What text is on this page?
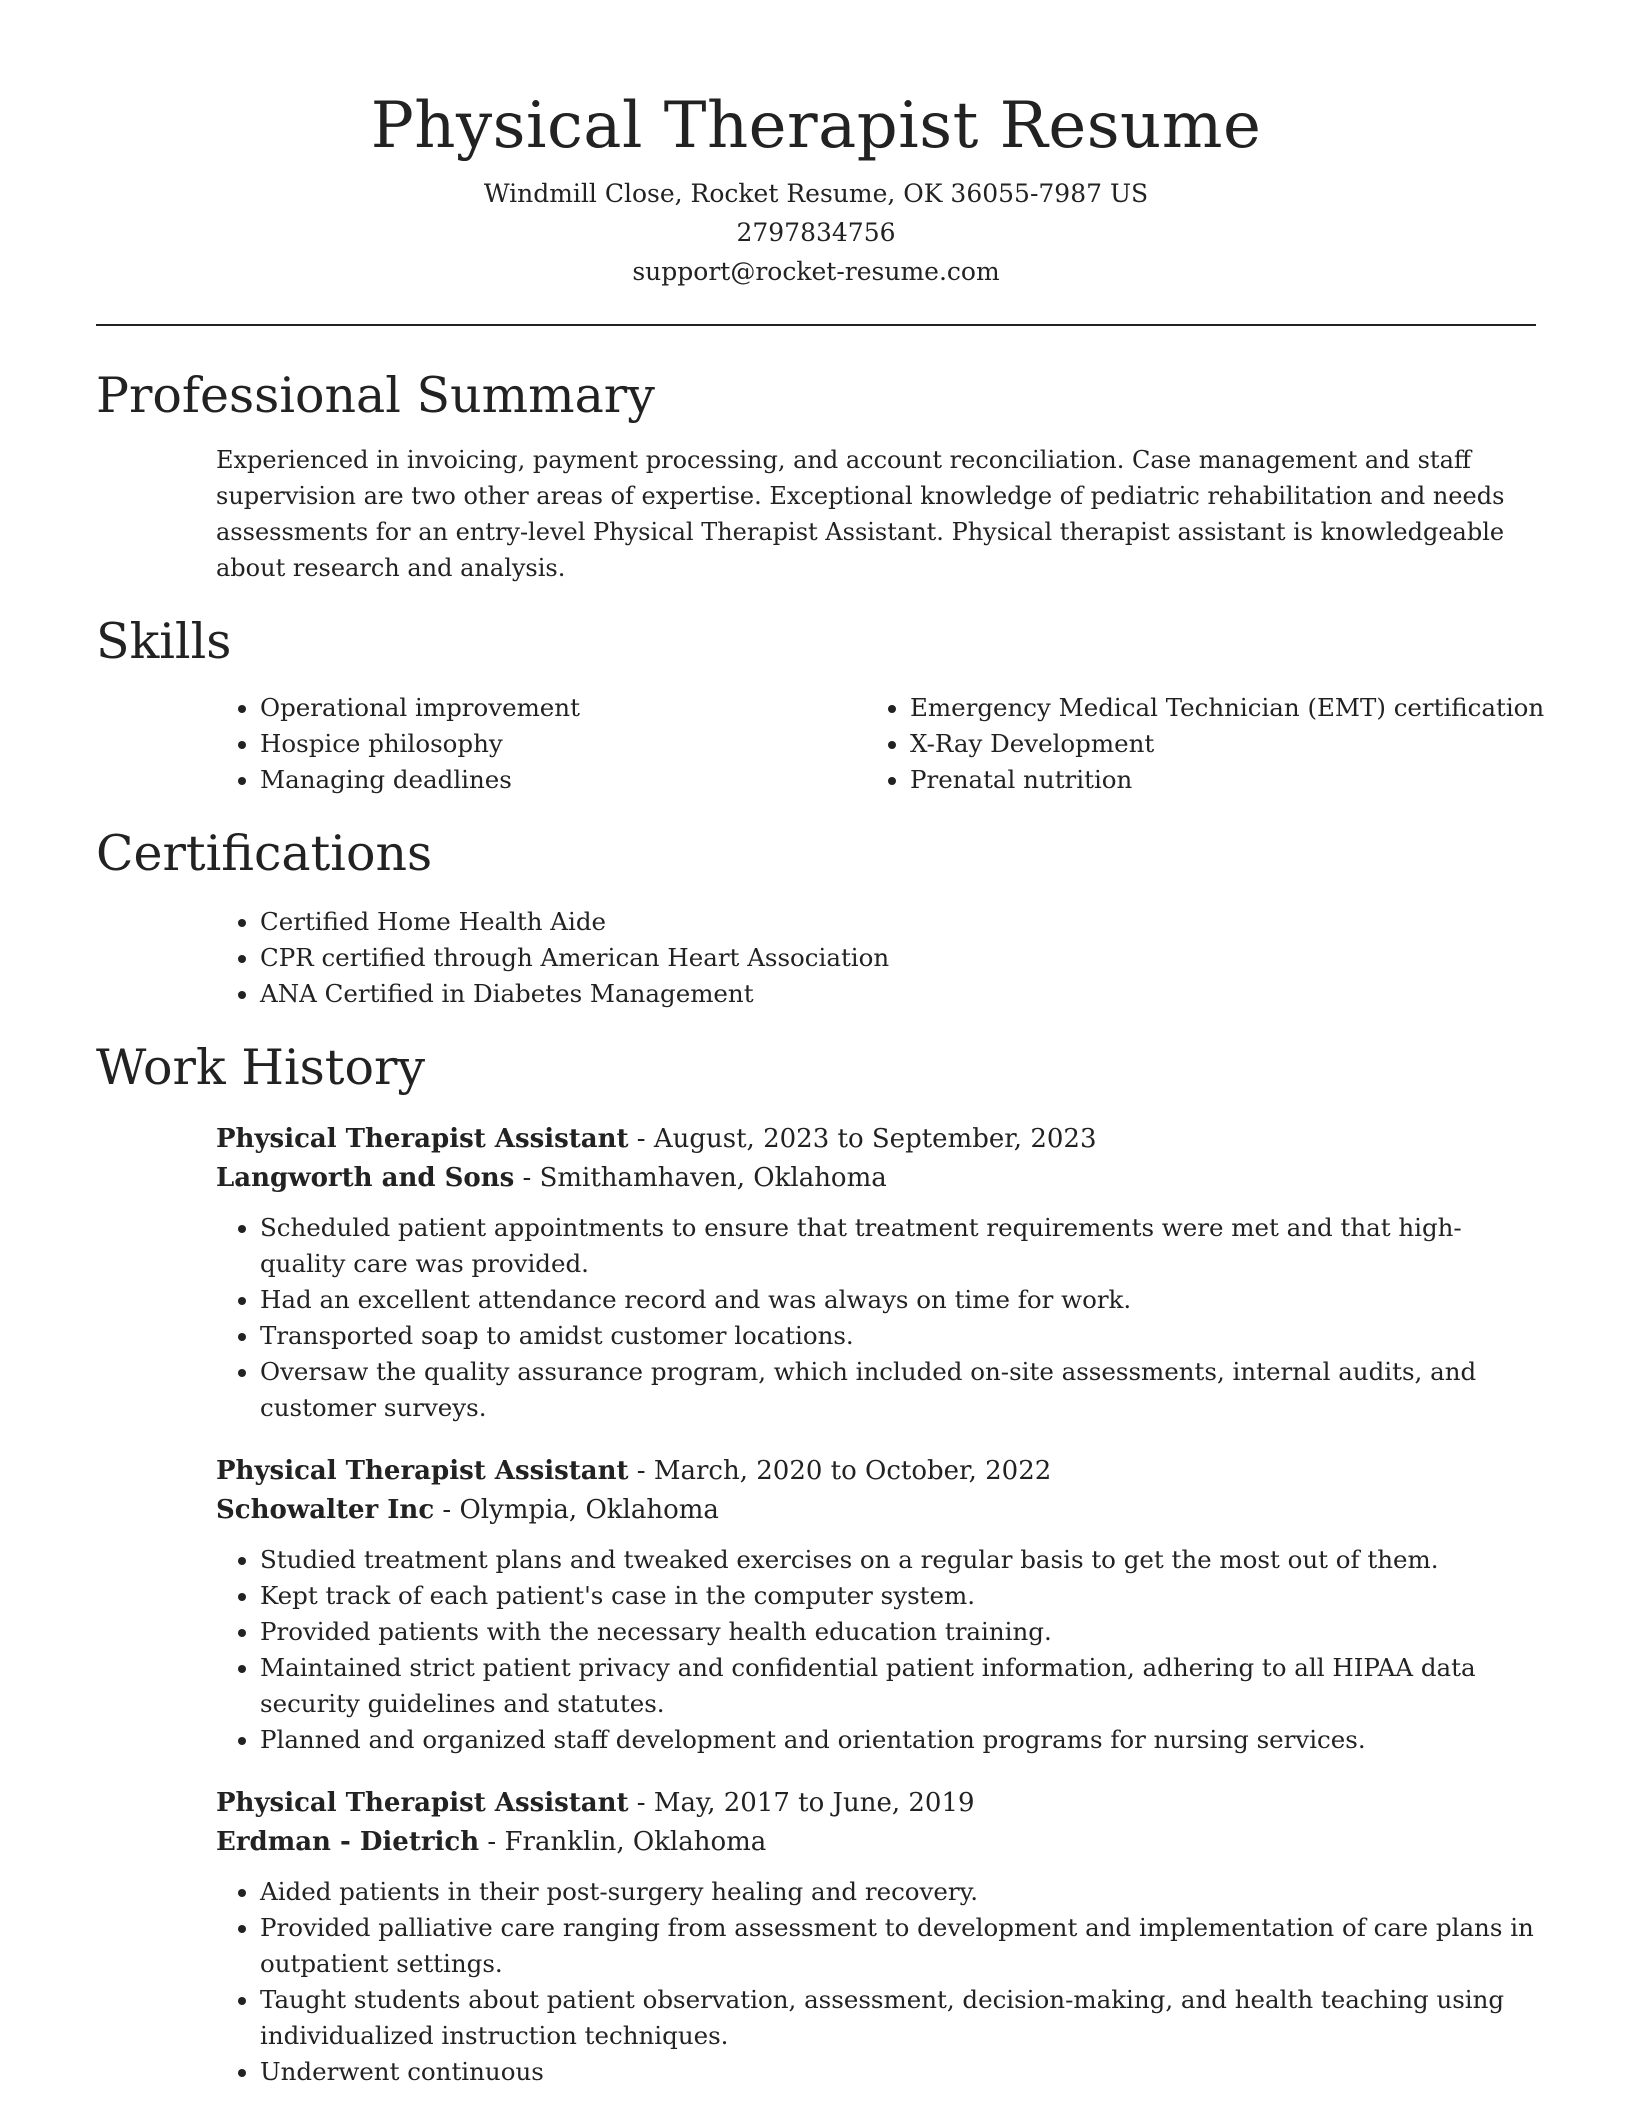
Physical Therapist Resume
Windmill Close, Rocket Resume, OK 36055-7987 US
2797834756
support@rocket-resume.com
Professional Summary

Experienced in invoicing, payment processing, and account reconciliation. Case management and staff supervision are two other areas of expertise. Exceptional knowledge of pediatric rehabilitation and needs assessments for an entry-level Physical Therapist Assistant. Physical therapist assistant is knowledgeable about research and analysis.

Skills
• Operational improvement
• Hospice philosophy
• Managing deadlines
• Emergency Medical Technician (EMT) certification
• X-Ray Development
• Prenatal nutrition
Certifications
• Certified Home Health Aide
• CPR certified through American Heart Association
• ANA Certified in Diabetes Management
Work History
Physical Therapist Assistant - August, 2023 to September, 2023
Langworth and Sons - Smithamhaven, Oklahoma
• Scheduled patient appointments to ensure that treatment requirements were met and that high-quality care was provided.
• Had an excellent attendance record and was always on time for work.
• Transported soap to amidst customer locations.
• Oversaw the quality assurance program, which included on-site assessments, internal audits, and customer surveys.
Physical Therapist Assistant - March, 2020 to October, 2022
Schowalter Inc - Olympia, Oklahoma
• Studied treatment plans and tweaked exercises on a regular basis to get the most out of them.
• Kept track of each patient's case in the computer system.
• Provided patients with the necessary health education training.
• Maintained strict patient privacy and confidential patient information, adhering to all HIPAA data security guidelines and statutes.
• Planned and organized staff development and orientation programs for nursing services.
Physical Therapist Assistant - May, 2017 to June, 2019
Erdman - Dietrich - Franklin, Oklahoma
• Aided patients in their post-surgery healing and recovery.
• Provided palliative care ranging from assessment to development and implementation of care plans in outpatient settings.
• Taught students about patient observation, assessment, decision-making, and health teaching using individualized instruction techniques.
• Underwent continuous
